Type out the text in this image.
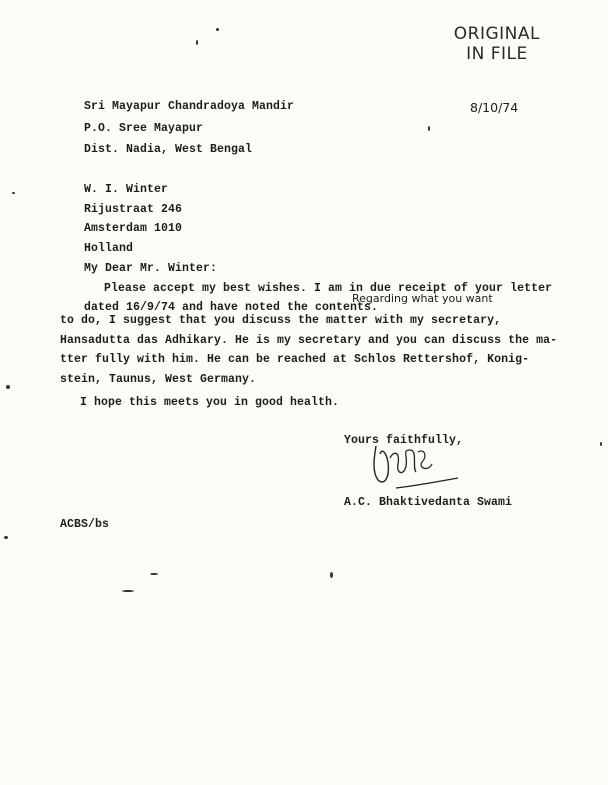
ORIGINAL
IN FILE
Sri Mayapur Chandradoya Mandir
P.O. Sree Mayapur
Dist. Nadia, West Bengal
8/10/74
W. I. Winter
Rijustraat 246
Amsterdam 1010
Holland
My Dear Mr. Winter:
Please accept my best wishes. I am in due receipt of your letter
dated 16/9/74 and have noted the contents.
Regarding what you want
to do, I suggest that you discuss the matter with my secretary,
Hansadutta das Adhikary. He is my secretary and you can discuss the ma-
tter fully with him. He can be reached at Schlos Rettershof, Konig-
stein, Taunus, West Germany.
I hope this meets you in good health.
Yours faithfully,
A.C. Bhaktivedanta Swami
ACBS/bs
